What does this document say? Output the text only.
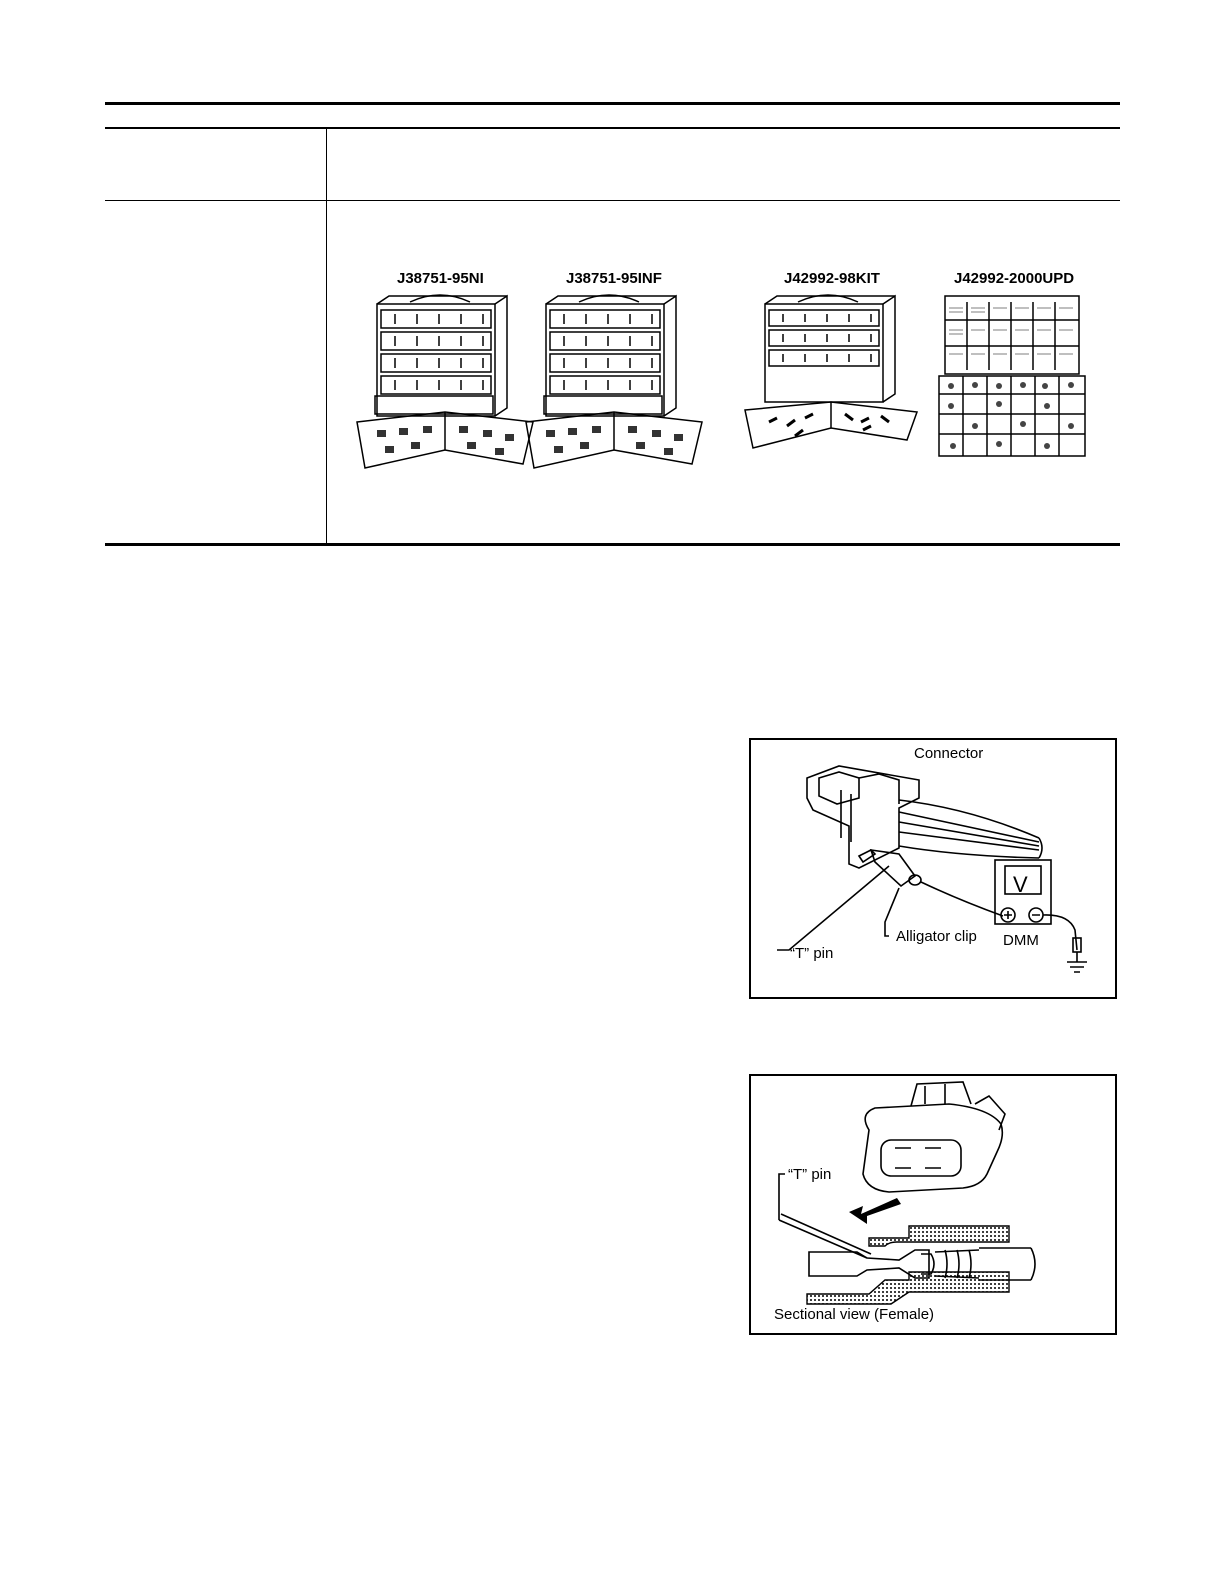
J38751-95NI	J38751-95INF	J42992-98KIT	J42992-2000UPD
Connector
V
Alligator clip DMM
“T” pin
“T” pin
Sectional view (Female)
